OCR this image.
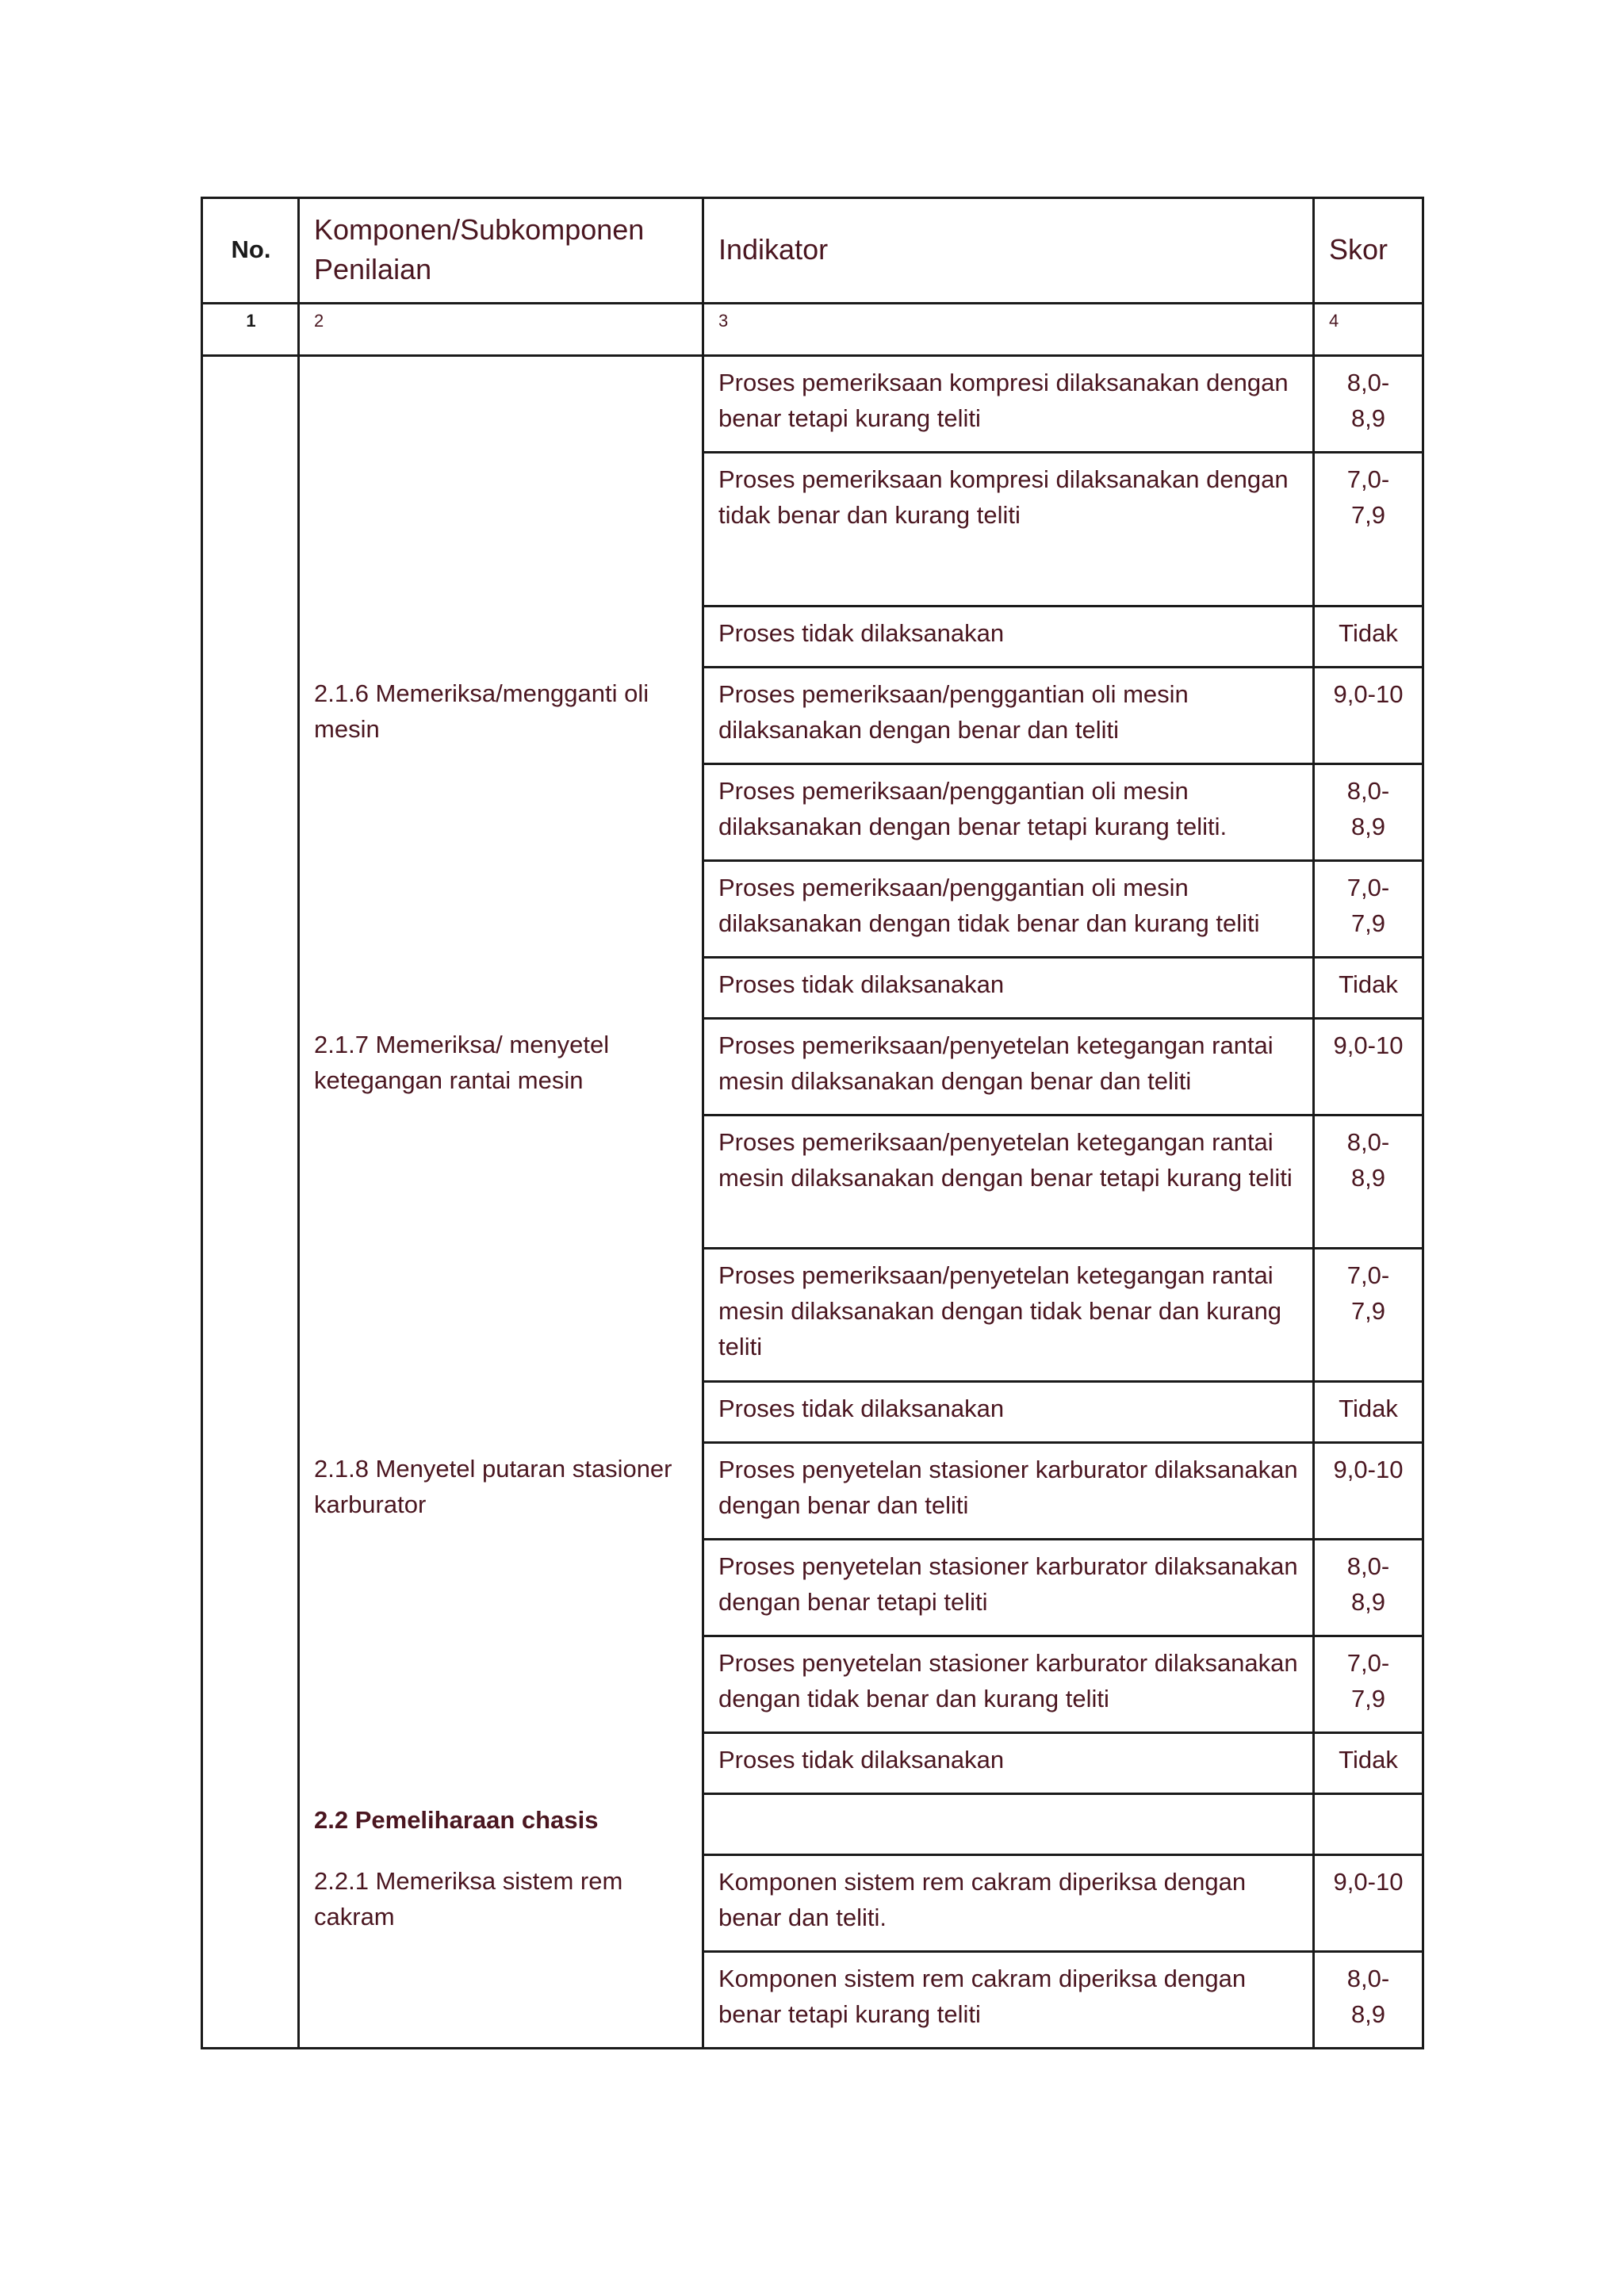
No.	Komponen/Subkomponen Penilaian	Indikator	Skor
1	2	3	4
		Proses pemeriksaan kompresi dilaksanakan dengan benar tetapi kurang teliti	8,0-
8,9
		Proses pemeriksaan kompresi dilaksanakan dengan tidak benar dan kurang teliti	7,0-
7,9
		Proses tidak dilaksanakan	Tidak
	2.1.6 Memeriksa/mengganti oli mesin	Proses pemeriksaan/penggantian oli mesin dilaksanakan dengan benar dan teliti	9,0-10
		Proses pemeriksaan/penggantian oli mesin dilaksanakan dengan benar tetapi kurang teliti.	8,0-
8,9
		Proses pemeriksaan/penggantian oli mesin dilaksanakan dengan tidak benar dan kurang teliti	7,0-
7,9
		Proses tidak dilaksanakan	Tidak
	2.1.7 Memeriksa/ menyetel ketegangan rantai mesin	Proses pemeriksaan/penyetelan ketegangan rantai mesin dilaksanakan dengan benar dan teliti	9,0-10
		Proses pemeriksaan/penyetelan ketegangan rantai mesin dilaksanakan dengan benar tetapi kurang teliti	8,0-
8,9
		Proses pemeriksaan/penyetelan ketegangan rantai mesin dilaksanakan dengan tidak benar dan kurang teliti	7,0-
7,9
		Proses tidak dilaksanakan	Tidak
	2.1.8 Menyetel putaran stasioner karburator	Proses penyetelan stasioner karburator dilaksanakan dengan benar dan teliti	9,0-10
		Proses penyetelan stasioner karburator dilaksanakan dengan benar tetapi teliti	8,0-
8,9
		Proses penyetelan stasioner karburator dilaksanakan dengan tidak benar dan kurang teliti	7,0-
7,9
		Proses tidak dilaksanakan	Tidak
	2.2 Pemeliharaan chasis		
	2.2.1 Memeriksa sistem rem cakram	Komponen sistem rem cakram diperiksa dengan benar dan teliti.	9,0-10
		Komponen sistem rem cakram diperiksa dengan benar tetapi kurang teliti	8,0-
8,9
